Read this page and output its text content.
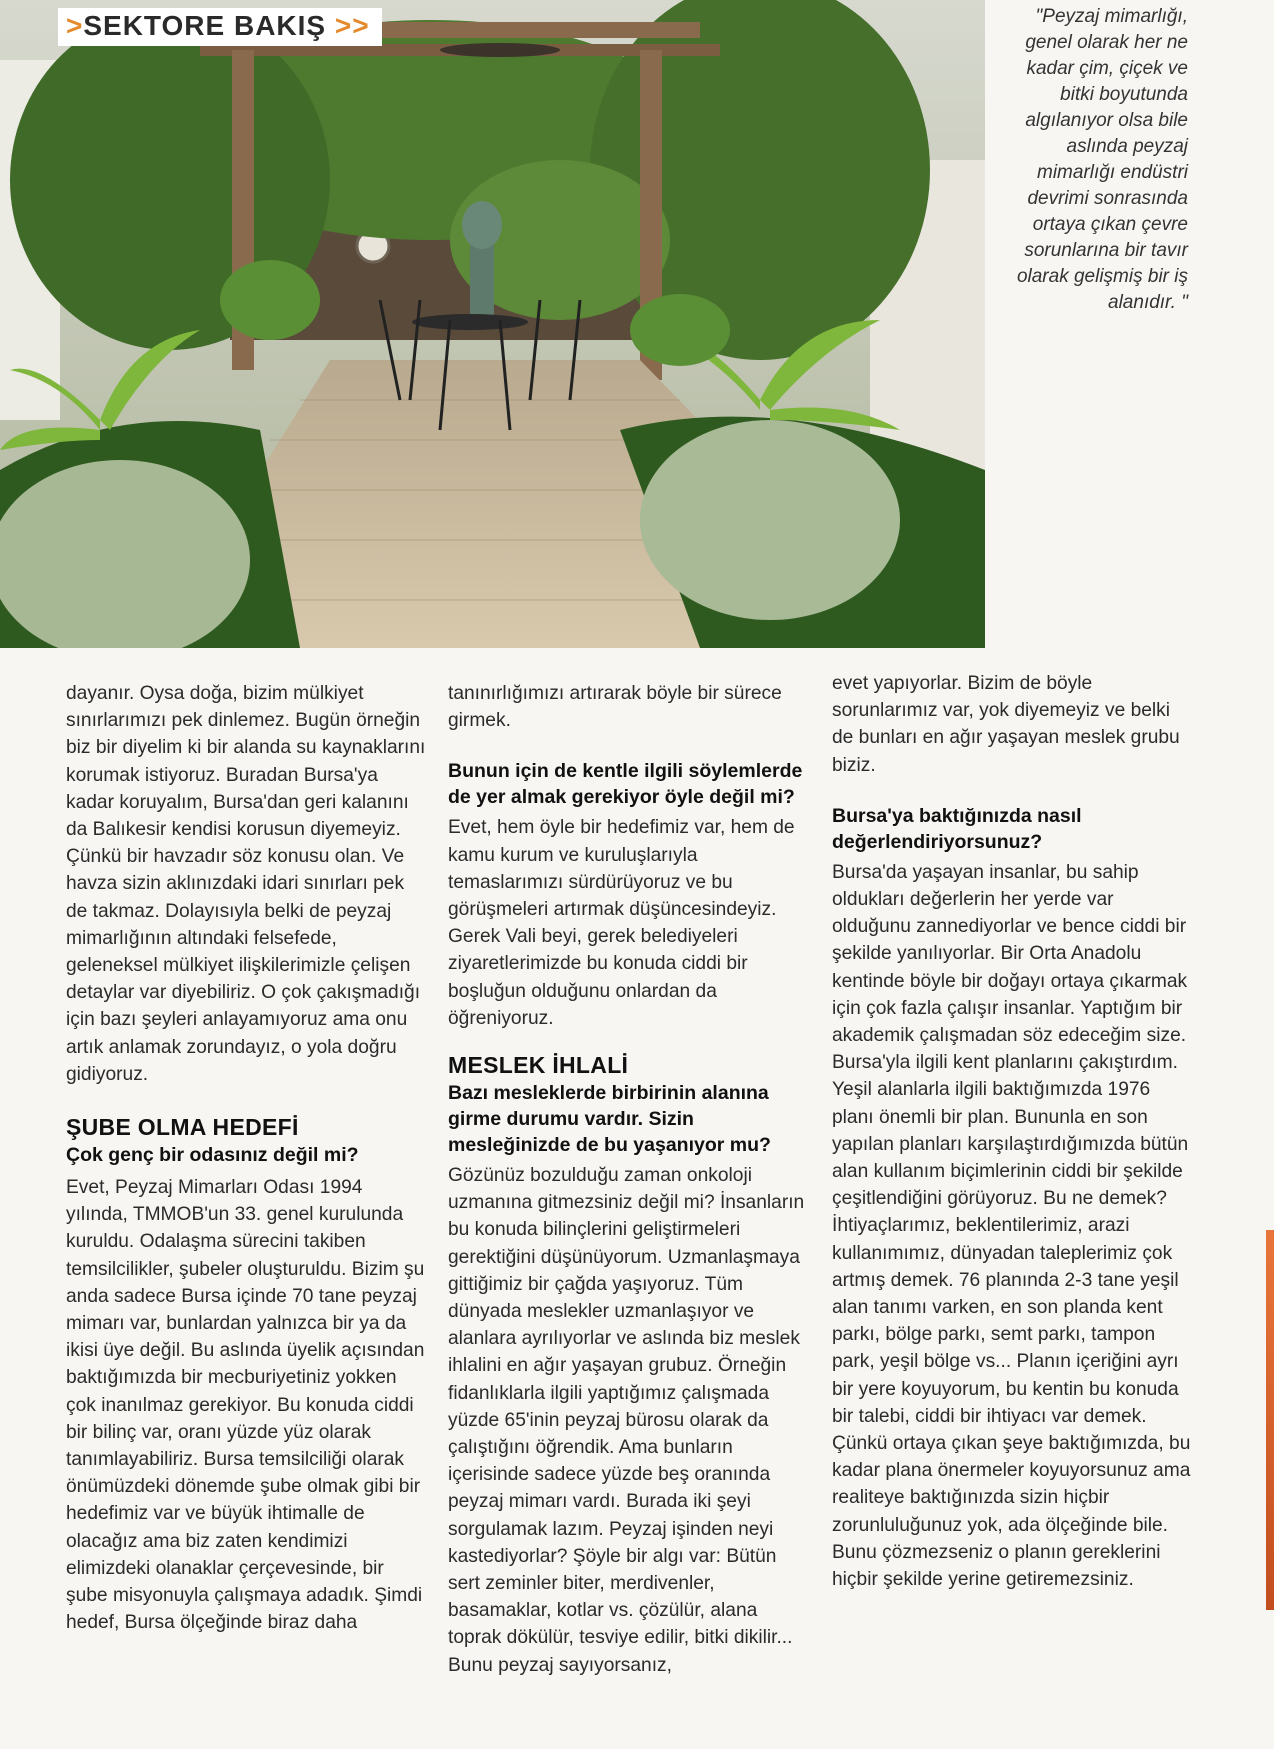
>SEKTORE BAKIŞ >>	"Peyzaj mimarlığı, genel olarak her ne kadar çim, çiçek ve bitki boyutunda algılanıyor olsa bile aslında peyzaj mimarlığı endüstri devrimi sonrasında ortaya çıkan çevre sorunlarına bir tavır olarak gelişmiş bir iş alanıdır. "

dayanır. Oysa doğa, bizim mülkiyet sınırlarımızı pek dinlemez. Bugün örneğin biz bir diyelim ki bir alanda su kaynaklarını korumak istiyoruz. Buradan Bursa'ya kadar koruyalım, Bursa'dan geri kalanını da Balıkesir kendisi korusun diyemeyiz. Çünkü bir havzadır söz konusu olan. Ve havza sizin aklınızdaki idari sınırları pek de takmaz. Dolayısıyla belki de peyzaj mimarlığının altındaki felsefede, geleneksel mülkiyet ilişkilerimizle çelişen detaylar var diyebiliriz. O çok çakışmadığı için bazı şeyleri anlayamıyoruz ama onu artık anlamak zorundayız, o yola doğru gidiyoruz.

ŞUBE OLMA HEDEFİ
Çok genç bir odasınız değil mi?

Evet, Peyzaj Mimarları Odası 1994 yılında, TMMOB'un 33. genel kurulunda kuruldu. Odalaşma sürecini takiben temsilcilikler, şubeler oluşturuldu. Bizim şu anda sadece Bursa içinde 70 tane peyzaj mimarı var, bunlardan yalnızca bir ya da ikisi üye değil. Bu aslında üyelik açısından baktığımızda bir mecburiyetiniz yokken çok inanılmaz gerekiyor. Bu konuda ciddi bir bilinç var, oranı yüzde yüz olarak tanımlayabiliriz. Bursa temsilciliği olarak önümüzdeki dönemde şube olmak gibi bir hedefimiz var ve büyük ihtimalle de olacağız ama biz zaten kendimizi elimizdeki olanaklar çerçevesinde, bir şube misyonuyla çalışmaya adadık. Şimdi hedef, Bursa ölçeğinde biraz daha

tanınırlığımızı artırarak böyle bir sürece girmek.

Bunun için de kentle ilgili söylemlerde de yer almak gerekiyor öyle değil mi?

Evet, hem öyle bir hedefimiz var, hem de kamu kurum ve kuruluşlarıyla temaslarımızı sürdürüyoruz ve bu görüşmeleri artırmak düşüncesindeyiz. Gerek Vali beyi, gerek belediyeleri ziyaretlerimizde bu konuda ciddi bir boşluğun olduğunu onlardan da öğreniyoruz.

MESLEK İHLALİ
Bazı mesleklerde birbirinin alanına girme durumu vardır. Sizin mesleğinizde de bu yaşanıyor mu?

Gözünüz bozulduğu zaman onkoloji uzmanına gitmezsiniz değil mi? İnsanların bu konuda bilinçlerini geliştirmeleri gerektiğini düşünüyorum. Uzmanlaşmaya gittiğimiz bir çağda yaşıyoruz. Tüm dünyada meslekler uzmanlaşıyor ve alanlara ayrılıyorlar ve aslında biz meslek ihlalini en ağır yaşayan grubuz. Örneğin fidanlıklarla ilgili yaptığımız çalışmada yüzde 65'inin peyzaj bürosu olarak da çalıştığını öğrendik. Ama bunların içerisinde sadece yüzde beş oranında peyzaj mimarı vardı. Burada iki şeyi sorgulamak lazım. Peyzaj işinden neyi kastediyorlar? Şöyle bir algı var: Bütün sert zeminler biter, merdivenler, basamaklar, kotlar vs. çözülür, alana toprak dökülür, tesviye edilir, bitki dikilir... Bunu peyzaj sayıyorsanız,

evet yapıyorlar. Bizim de böyle sorunlarımız var, yok diyemeyiz ve belki de bunları en ağır yaşayan meslek grubu biziz.

Bursa'ya baktığınızda nasıl değerlendiriyorsunuz?

Bursa'da yaşayan insanlar, bu sahip oldukları değerlerin her yerde var olduğunu zannediyorlar ve bence ciddi bir şekilde yanılıyorlar. Bir Orta Anadolu kentinde böyle bir doğayı ortaya çıkarmak için çok fazla çalışır insanlar. Yaptığım bir akademik çalışmadan söz edeceğim size. Bursa'yla ilgili kent planlarını çakıştırdım. Yeşil alanlarla ilgili baktığımızda 1976 planı önemli bir plan. Bununla en son yapılan planları karşılaştırdığımızda bütün alan kullanım biçimlerinin ciddi bir şekilde çeşitlendiğini görüyoruz. Bu ne demek? İhtiyaçlarımız, beklentilerimiz, arazi kullanımımız, dünyadan taleplerimiz çok artmış demek. 76 planında 2-3 tane yeşil alan tanımı varken, en son planda kent parkı, bölge parkı, semt parkı, tampon park, yeşil bölge vs... Planın içeriğini ayrı bir yere koyuyorum, bu kentin bu konuda bir talebi, ciddi bir ihtiyacı var demek. Çünkü ortaya çıkan şeye baktığımızda, bu kadar plana önermeler koyuyorsunuz ama realiteye baktığınızda sizin hiçbir zorunluluğunuz yok, ada ölçeğinde bile. Bunu çözmezseniz o planın gereklerini hiçbir şekilde yerine getiremezsiniz.
